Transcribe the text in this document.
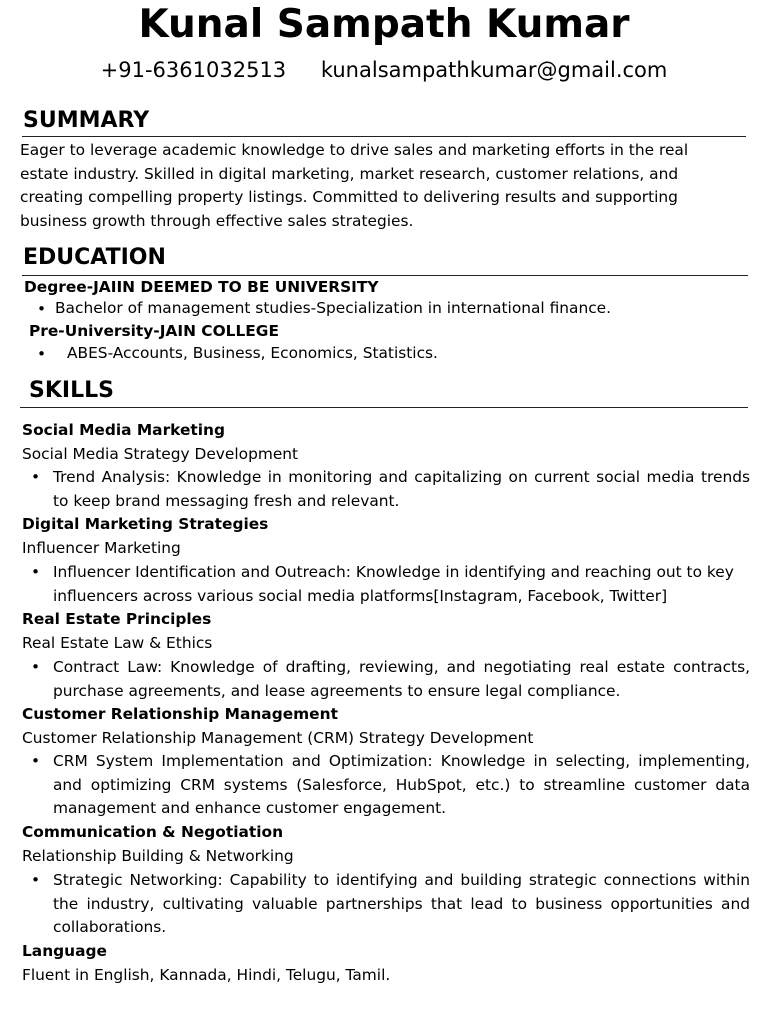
Kunal Sampath Kumar
+91-6361032513 kunalsampathkumar@gmail.com
SUMMARY
Eager to leverage academic knowledge to drive sales and marketing efforts in the real estate industry. Skilled in digital marketing, market research, customer relations, and creating compelling property listings. Committed to delivering results and supporting business growth through effective sales strategies.
EDUCATION
Degree-JAIIN DEEMED TO BE UNIVERSITY
• Bachelor of management studies-Specialization in international finance.
Pre-University-JAIN COLLEGE
• ABES-Accounts, Business, Economics, Statistics.
SKILLS
Social Media Marketing
Social Media Strategy Development
• Trend Analysis: Knowledge in monitoring and capitalizing on current social media trends to keep brand messaging fresh and relevant.
Digital Marketing Strategies
Influencer Marketing
• Influencer Identification and Outreach: Knowledge in identifying and reaching out to key influencers across various social media platforms[Instagram, Facebook, Twitter]
Real Estate Principles
Real Estate Law & Ethics
• Contract Law: Knowledge of drafting, reviewing, and negotiating real estate contracts, purchase agreements, and lease agreements to ensure legal compliance.
Customer Relationship Management
Customer Relationship Management (CRM) Strategy Development
• CRM System Implementation and Optimization: Knowledge in selecting, implementing, and optimizing CRM systems (Salesforce, HubSpot, etc.) to streamline customer data management and enhance customer engagement.
Communication & Negotiation
Relationship Building & Networking
• Strategic Networking: Capability to identifying and building strategic connections within the industry, cultivating valuable partnerships that lead to business opportunities and collaborations.
Language
Fluent in English, Kannada, Hindi, Telugu, Tamil.
